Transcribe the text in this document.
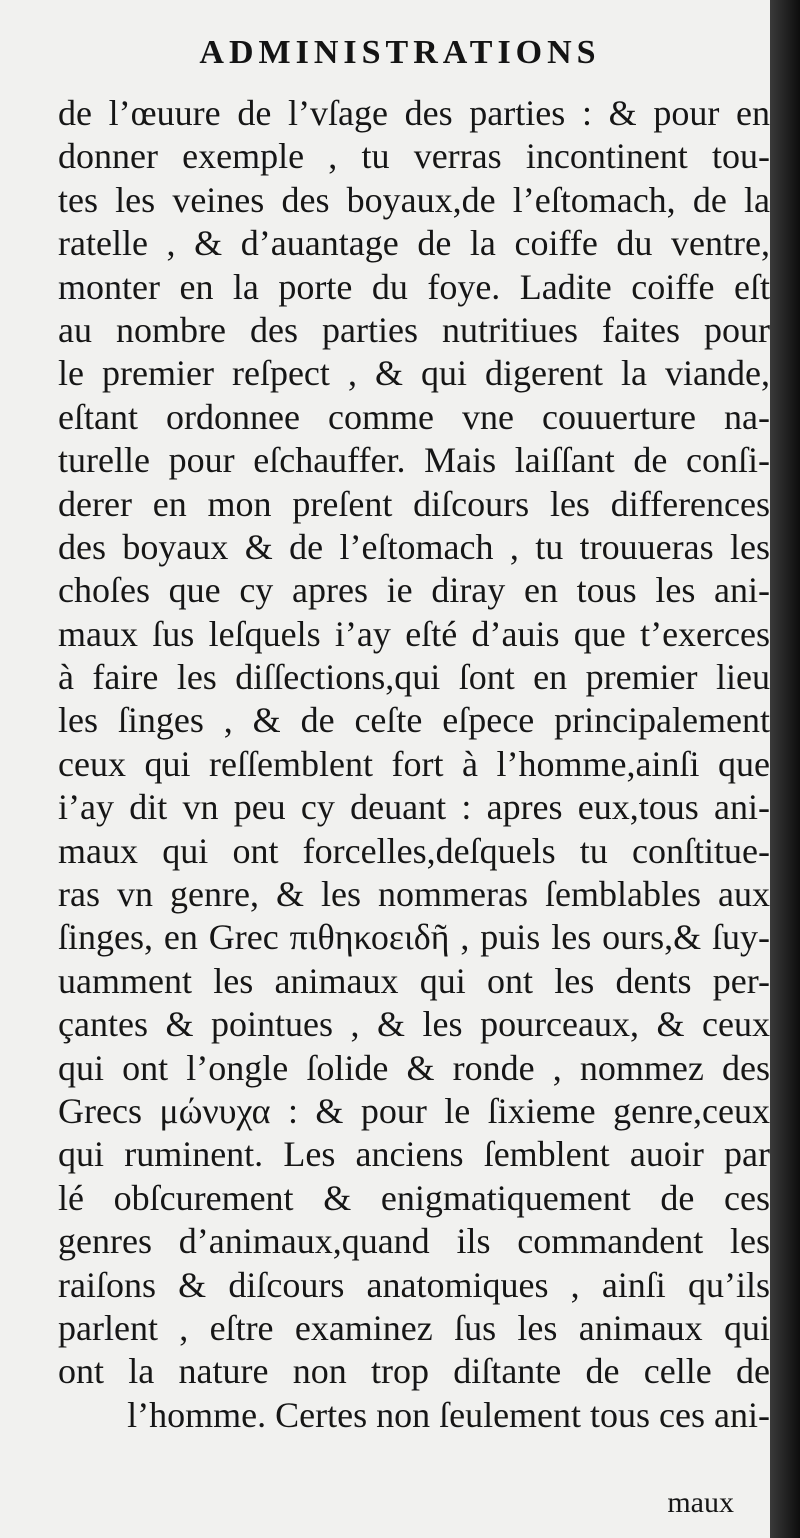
ADMINISTRATIONS
de l’œuure de l’vſage des parties : & pour en
donner exemple , tu verras incontinent tou-
tes les veines des boyaux,de l’eſtomach, de la
ratelle , & d’auantage de la coiffe du ventre,
monter en la porte du foye. Ladite coiffe eſt
au nombre des parties nutritiues faites pour
le premier reſpect , & qui digerent la viande,
eſtant ordonnee comme vne couuerture na-
turelle pour eſchauffer. Mais laiſſant de conſi-
derer en mon preſent diſcours les differences
des boyaux & de l’eſtomach , tu trouueras les
choſes que cy apres ie diray en tous les ani-
maux ſus leſquels i’ay eſté d’auis que t’exerces
à faire les diſſections,qui ſont en premier lieu
les ſinges , & de ceſte eſpece principalement
ceux qui reſſemblent fort à l’homme,ainſi que
i’ay dit vn peu cy deuant : apres eux,tous ani-
maux qui ont forcelles,deſquels tu conſtitue-
ras vn genre, & les nommeras ſemblables aux
ſinges, en Grec πιθηκοειδῆ , puis les ours,& ſuy-
uamment les animaux qui ont les dents per-
çantes & pointues , & les pourceaux, & ceux
qui ont l’ongle ſolide & ronde , nommez des
Grecs μώνυχα : & pour le ſixieme genre,ceux
qui ruminent. Les anciens ſemblent auoir par
lé obſcurement & enigmatiquement de ces
genres d’animaux,quand ils commandent les
raiſons & diſcours anatomiques , ainſi qu’ils
parlent , eſtre examinez ſus les animaux qui
ont la nature non trop diſtante de celle de
l’homme. Certes non ſeulement tous ces ani-
maux
